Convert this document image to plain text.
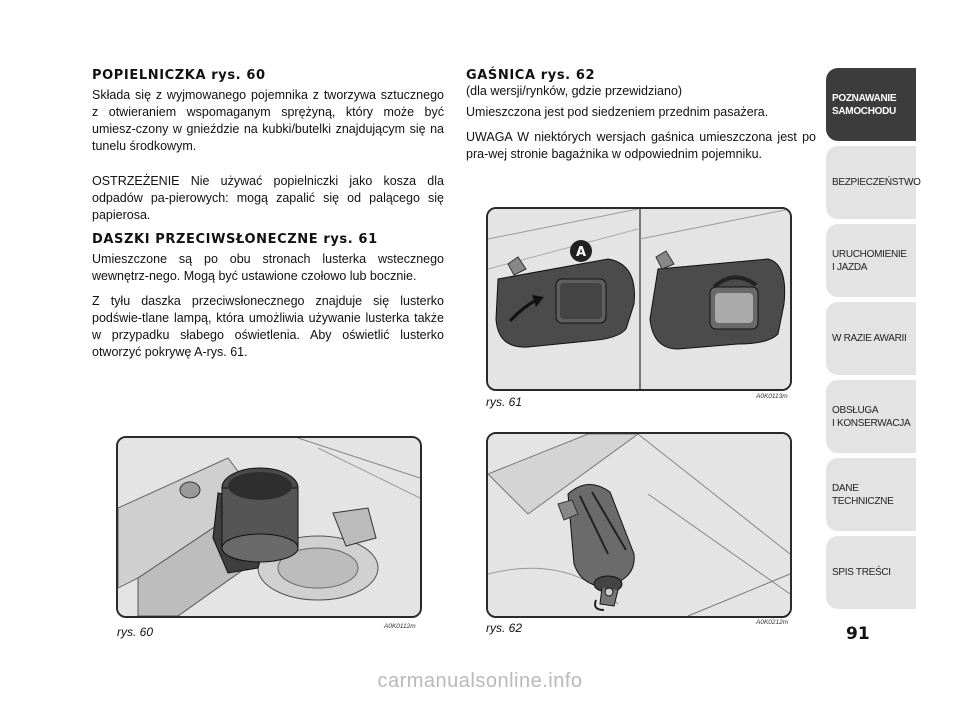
POPIELNICZKA rys. 60

Składa się z wyjmowanego pojemnika z tworzywa sztucznego z otwieraniem wspomaganym sprężyną, który może być umiesz-czony w gnieździe na kubki/butelki znajdującym się na tunelu środkowym.

OSTRZEŻENIE Nie używać popielniczki jako kosza dla odpadów pa-pierowych: mogą zapalić się od palącego się papierosa.

DASZKI PRZECIWSŁONECZNE rys. 61

Umieszczone są po obu stronach lusterka wstecznego wewnętrz-nego. Mogą być ustawione czołowo lub bocznie.

Z tyłu daszka przeciwsłonecznego znajduje się lusterko podświe-tlane lampą, która umożliwia używanie lusterka także w przypadku słabego oświetlenia. Aby oświetlić lusterko otworzyć pokrywę A-rys. 61.

GAŚNICA rys. 62

(dla wersji/rynków, gdzie przewidziano)

Umieszczona jest pod siedzeniem przednim pasażera.

UWAGA W niektórych wersjach gaśnica umieszczona jest po pra-wej stronie bagażnika w odpowiednim pojemniku.

rys. 60	A0K0112m
A
rys. 61	A0K0113m
rys. 62	A0K0212m
POZNAWANIE
SAMOCHODU
BEZPIECZEŃSTWO
URUCHOMIENIE
I JAZDA
W RAZIE AWARII
OBSŁUGA
I KONSERWACJA
DANE
TECHNICZNE
SPIS TREŚCI
91
carmanualsonline.info
